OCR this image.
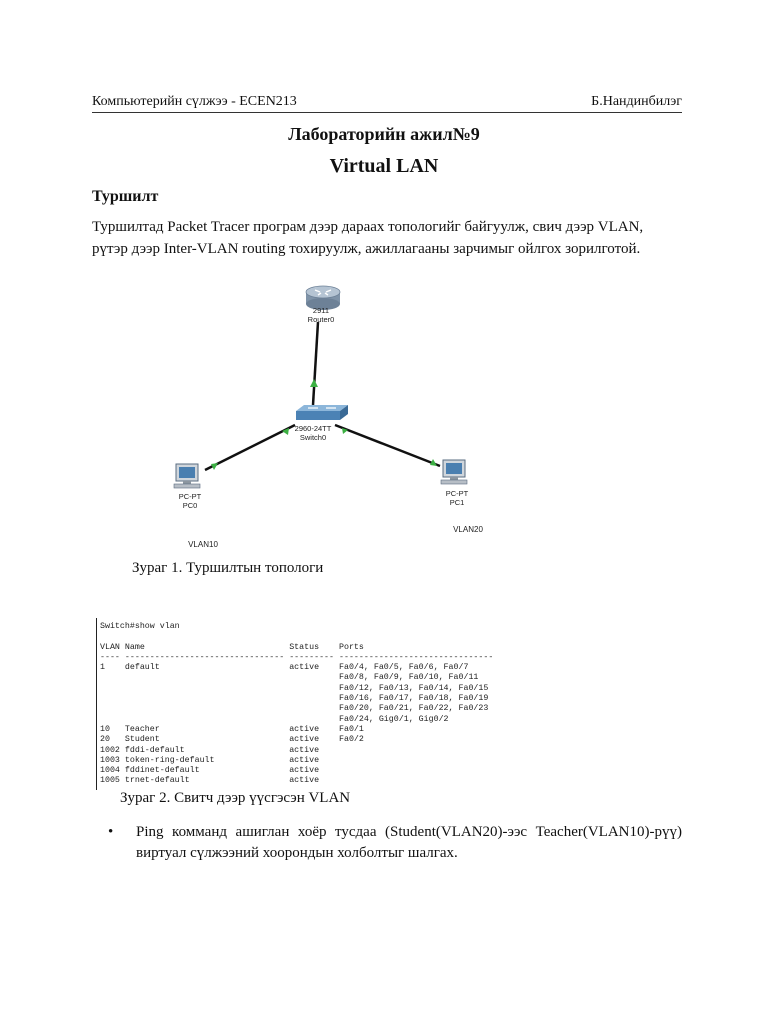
Компьютерийн сүлжээ - ECEN213	Б.Нандинбилэг
Лабораторийн ажил№9
Virtual LAN
Туршилт
Туршилтад Packet Tracer програм дээр дараах топологийг байгуулж, свич дээр VLAN, рүтэр дээр Inter-VLAN routing тохируулж, ажиллагааны зарчимыг ойлгох зорилготой.
2911
Router0
2960-24TT
Switch0
PC-PT
PC0
VLAN10
PC-PT
PC1
VLAN20
Зураг 1. Туршилтын топологи
Switch#show vlan

VLAN Name                             Status    Ports
---- -------------------------------- --------- -------------------------------
1    default                          active    Fa0/4, Fa0/5, Fa0/6, Fa0/7
Fa0/8, Fa0/9, Fa0/10, Fa0/11
Fa0/12, Fa0/13, Fa0/14, Fa0/15
Fa0/16, Fa0/17, Fa0/18, Fa0/19
Fa0/20, Fa0/21, Fa0/22, Fa0/23
Fa0/24, Gig0/1, Gig0/2
10   Teacher                          active    Fa0/1
20   Student                          active    Fa0/2
1002 fddi-default                     active
1003 token-ring-default               active
1004 fddinet-default                  active
1005 trnet-default                    active
Зураг 2. Свитч дээр үүсгэсэн VLAN
• Ping комманд ашиглан хоёр тусдаа (Student(VLAN20)-ээс Teacher(VLAN10)-рүү) виртуал сүлжээний хоорондын холболтыг шалгах.
